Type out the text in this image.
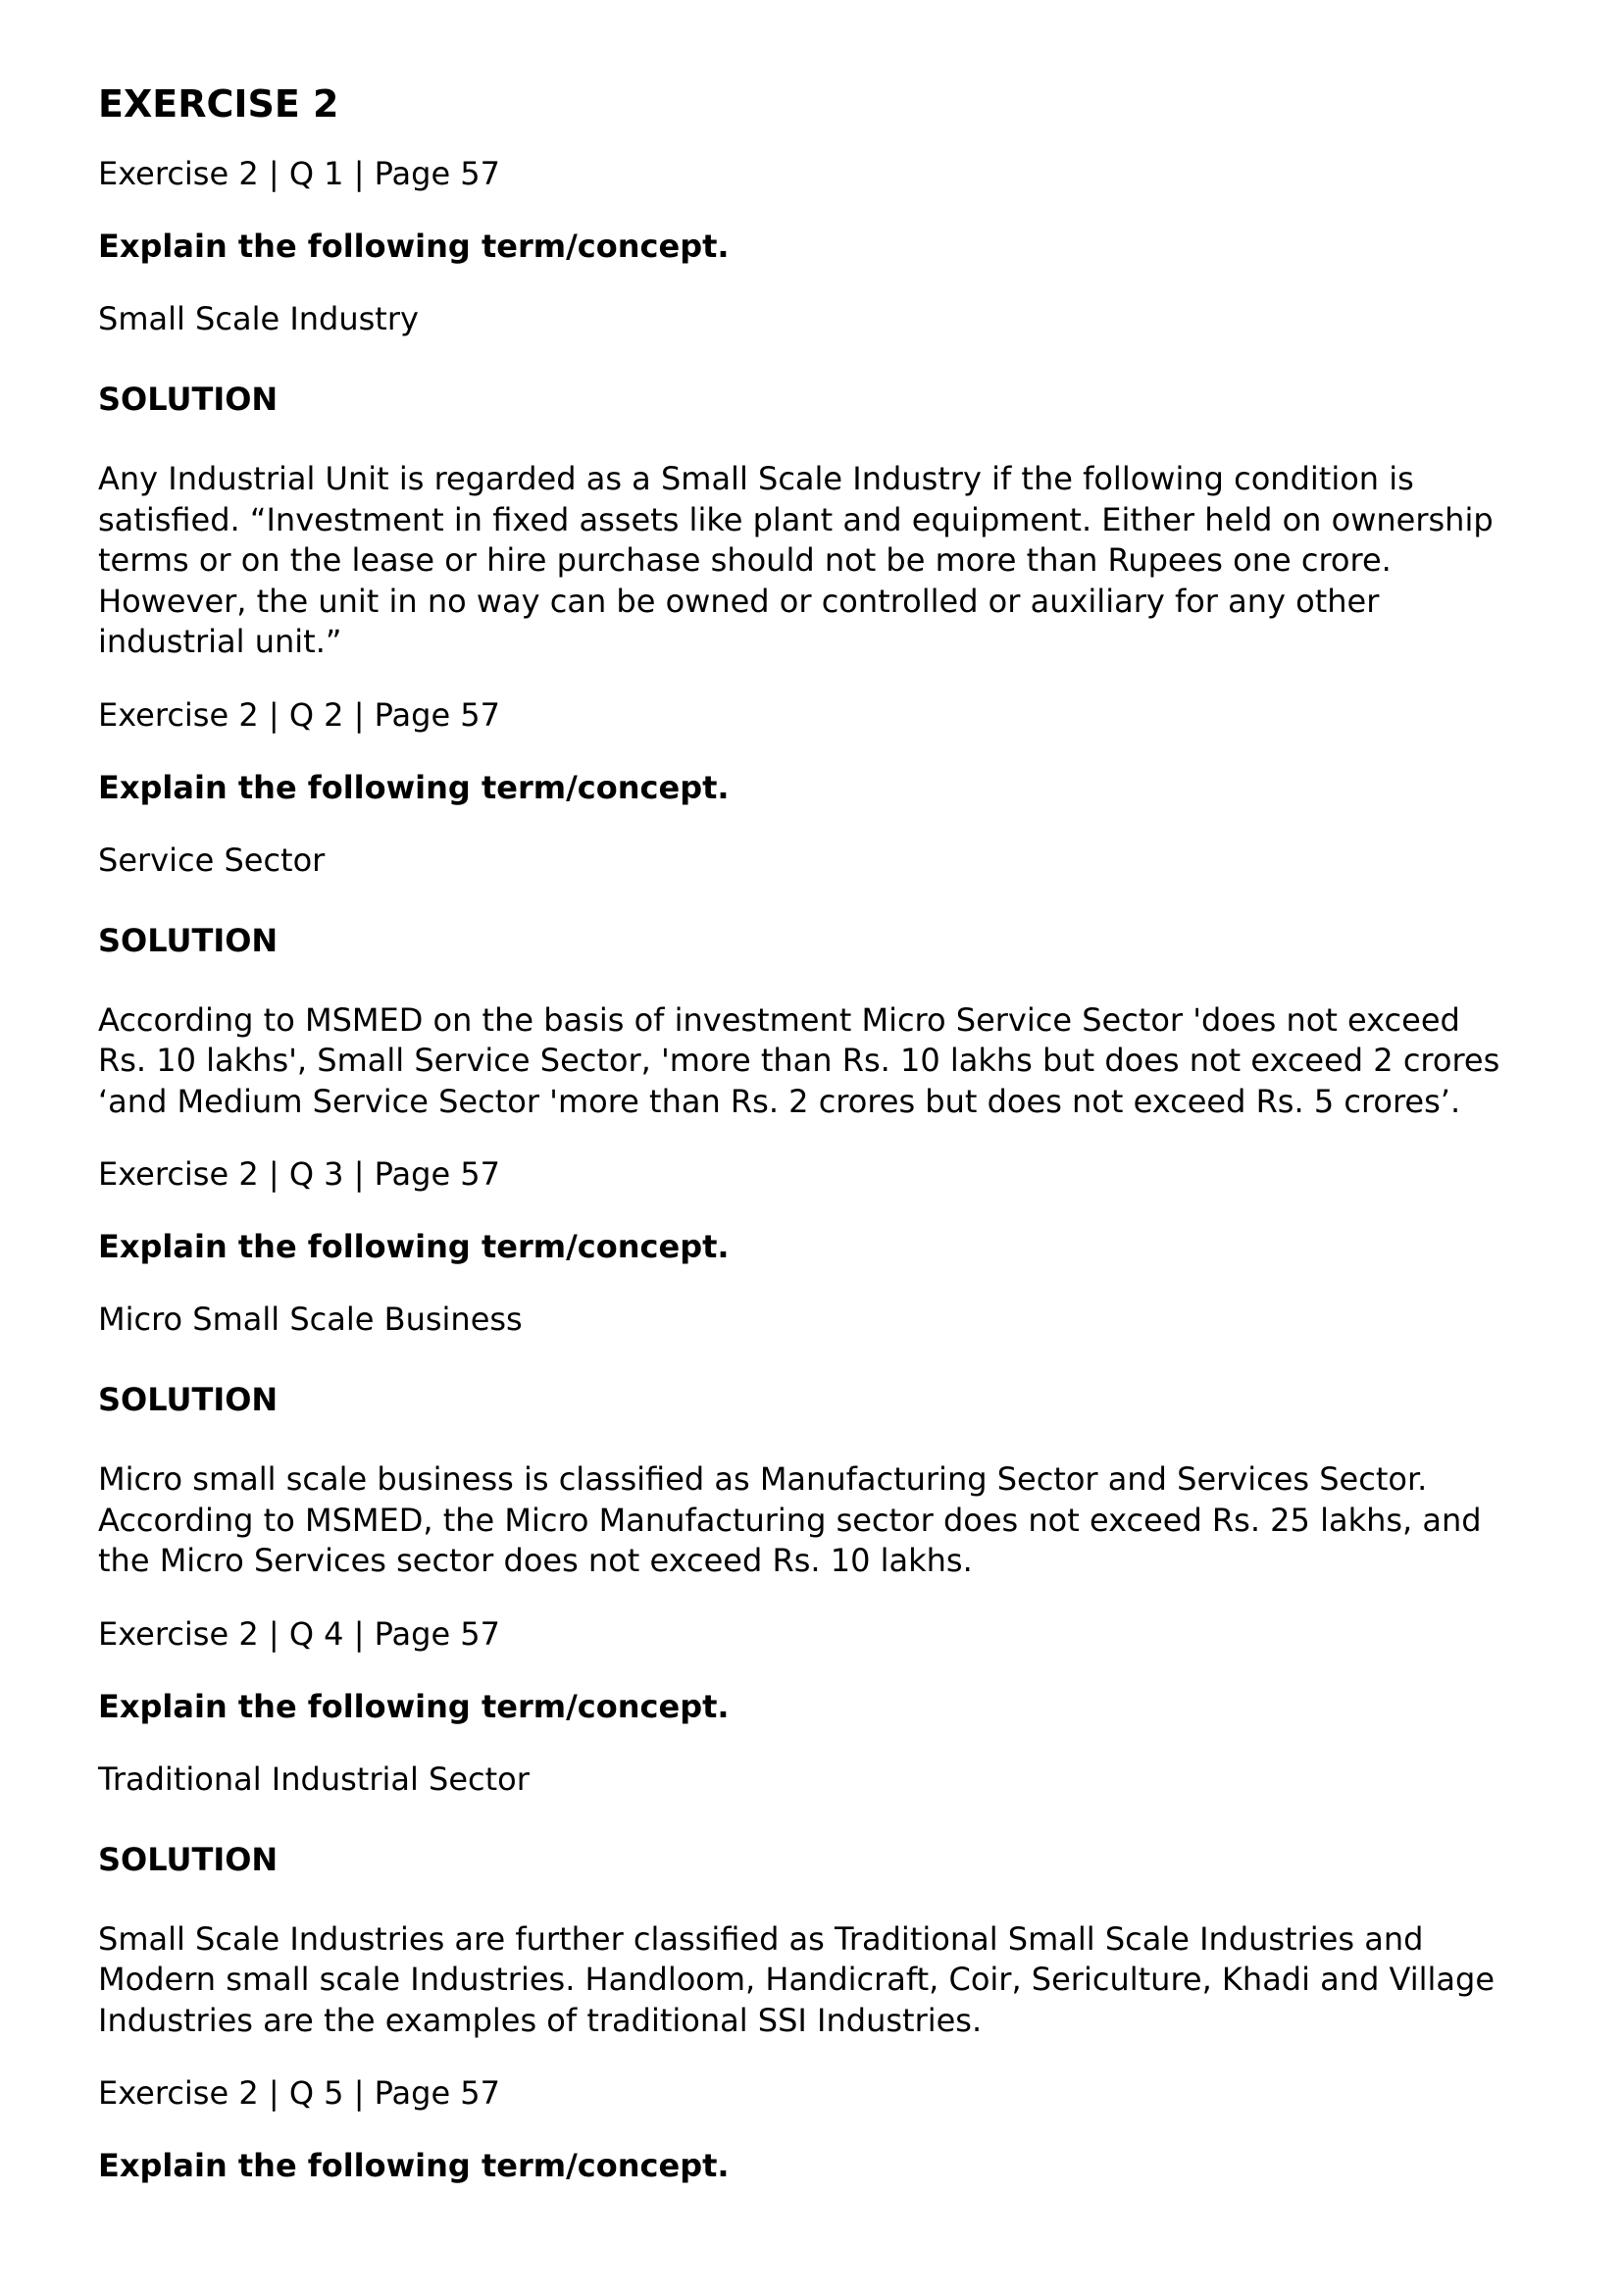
EXERCISE 2
Exercise 2 | Q 1 | Page 57
Explain the following term/concept.
Small Scale Industry
SOLUTION
Any Industrial Unit is regarded as a Small Scale Industry if the following condition is
satisfied. “Investment in fixed assets like plant and equipment. Either held on ownership
terms or on the lease or hire purchase should not be more than Rupees one crore.
However, the unit in no way can be owned or controlled or auxiliary for any other
industrial unit.”
Exercise 2 | Q 2 | Page 57
Explain the following term/concept.
Service Sector
SOLUTION
According to MSMED on the basis of investment Micro Service Sector 'does not exceed
Rs. 10 lakhs', Small Service Sector, 'more than Rs. 10 lakhs but does not exceed 2 crores
‘and Medium Service Sector 'more than Rs. 2 crores but does not exceed Rs. 5 crores’.
Exercise 2 | Q 3 | Page 57
Explain the following term/concept.
Micro Small Scale Business
SOLUTION
Micro small scale business is classified as Manufacturing Sector and Services Sector.
According to MSMED, the Micro Manufacturing sector does not exceed Rs. 25 lakhs, and
the Micro Services sector does not exceed Rs. 10 lakhs.
Exercise 2 | Q 4 | Page 57
Explain the following term/concept.
Traditional Industrial Sector
SOLUTION
Small Scale Industries are further classified as Traditional Small Scale Industries and
Modern small scale Industries. Handloom, Handicraft, Coir, Sericulture, Khadi and Village
Industries are the examples of traditional SSI Industries.
Exercise 2 | Q 5 | Page 57
Explain the following term/concept.
